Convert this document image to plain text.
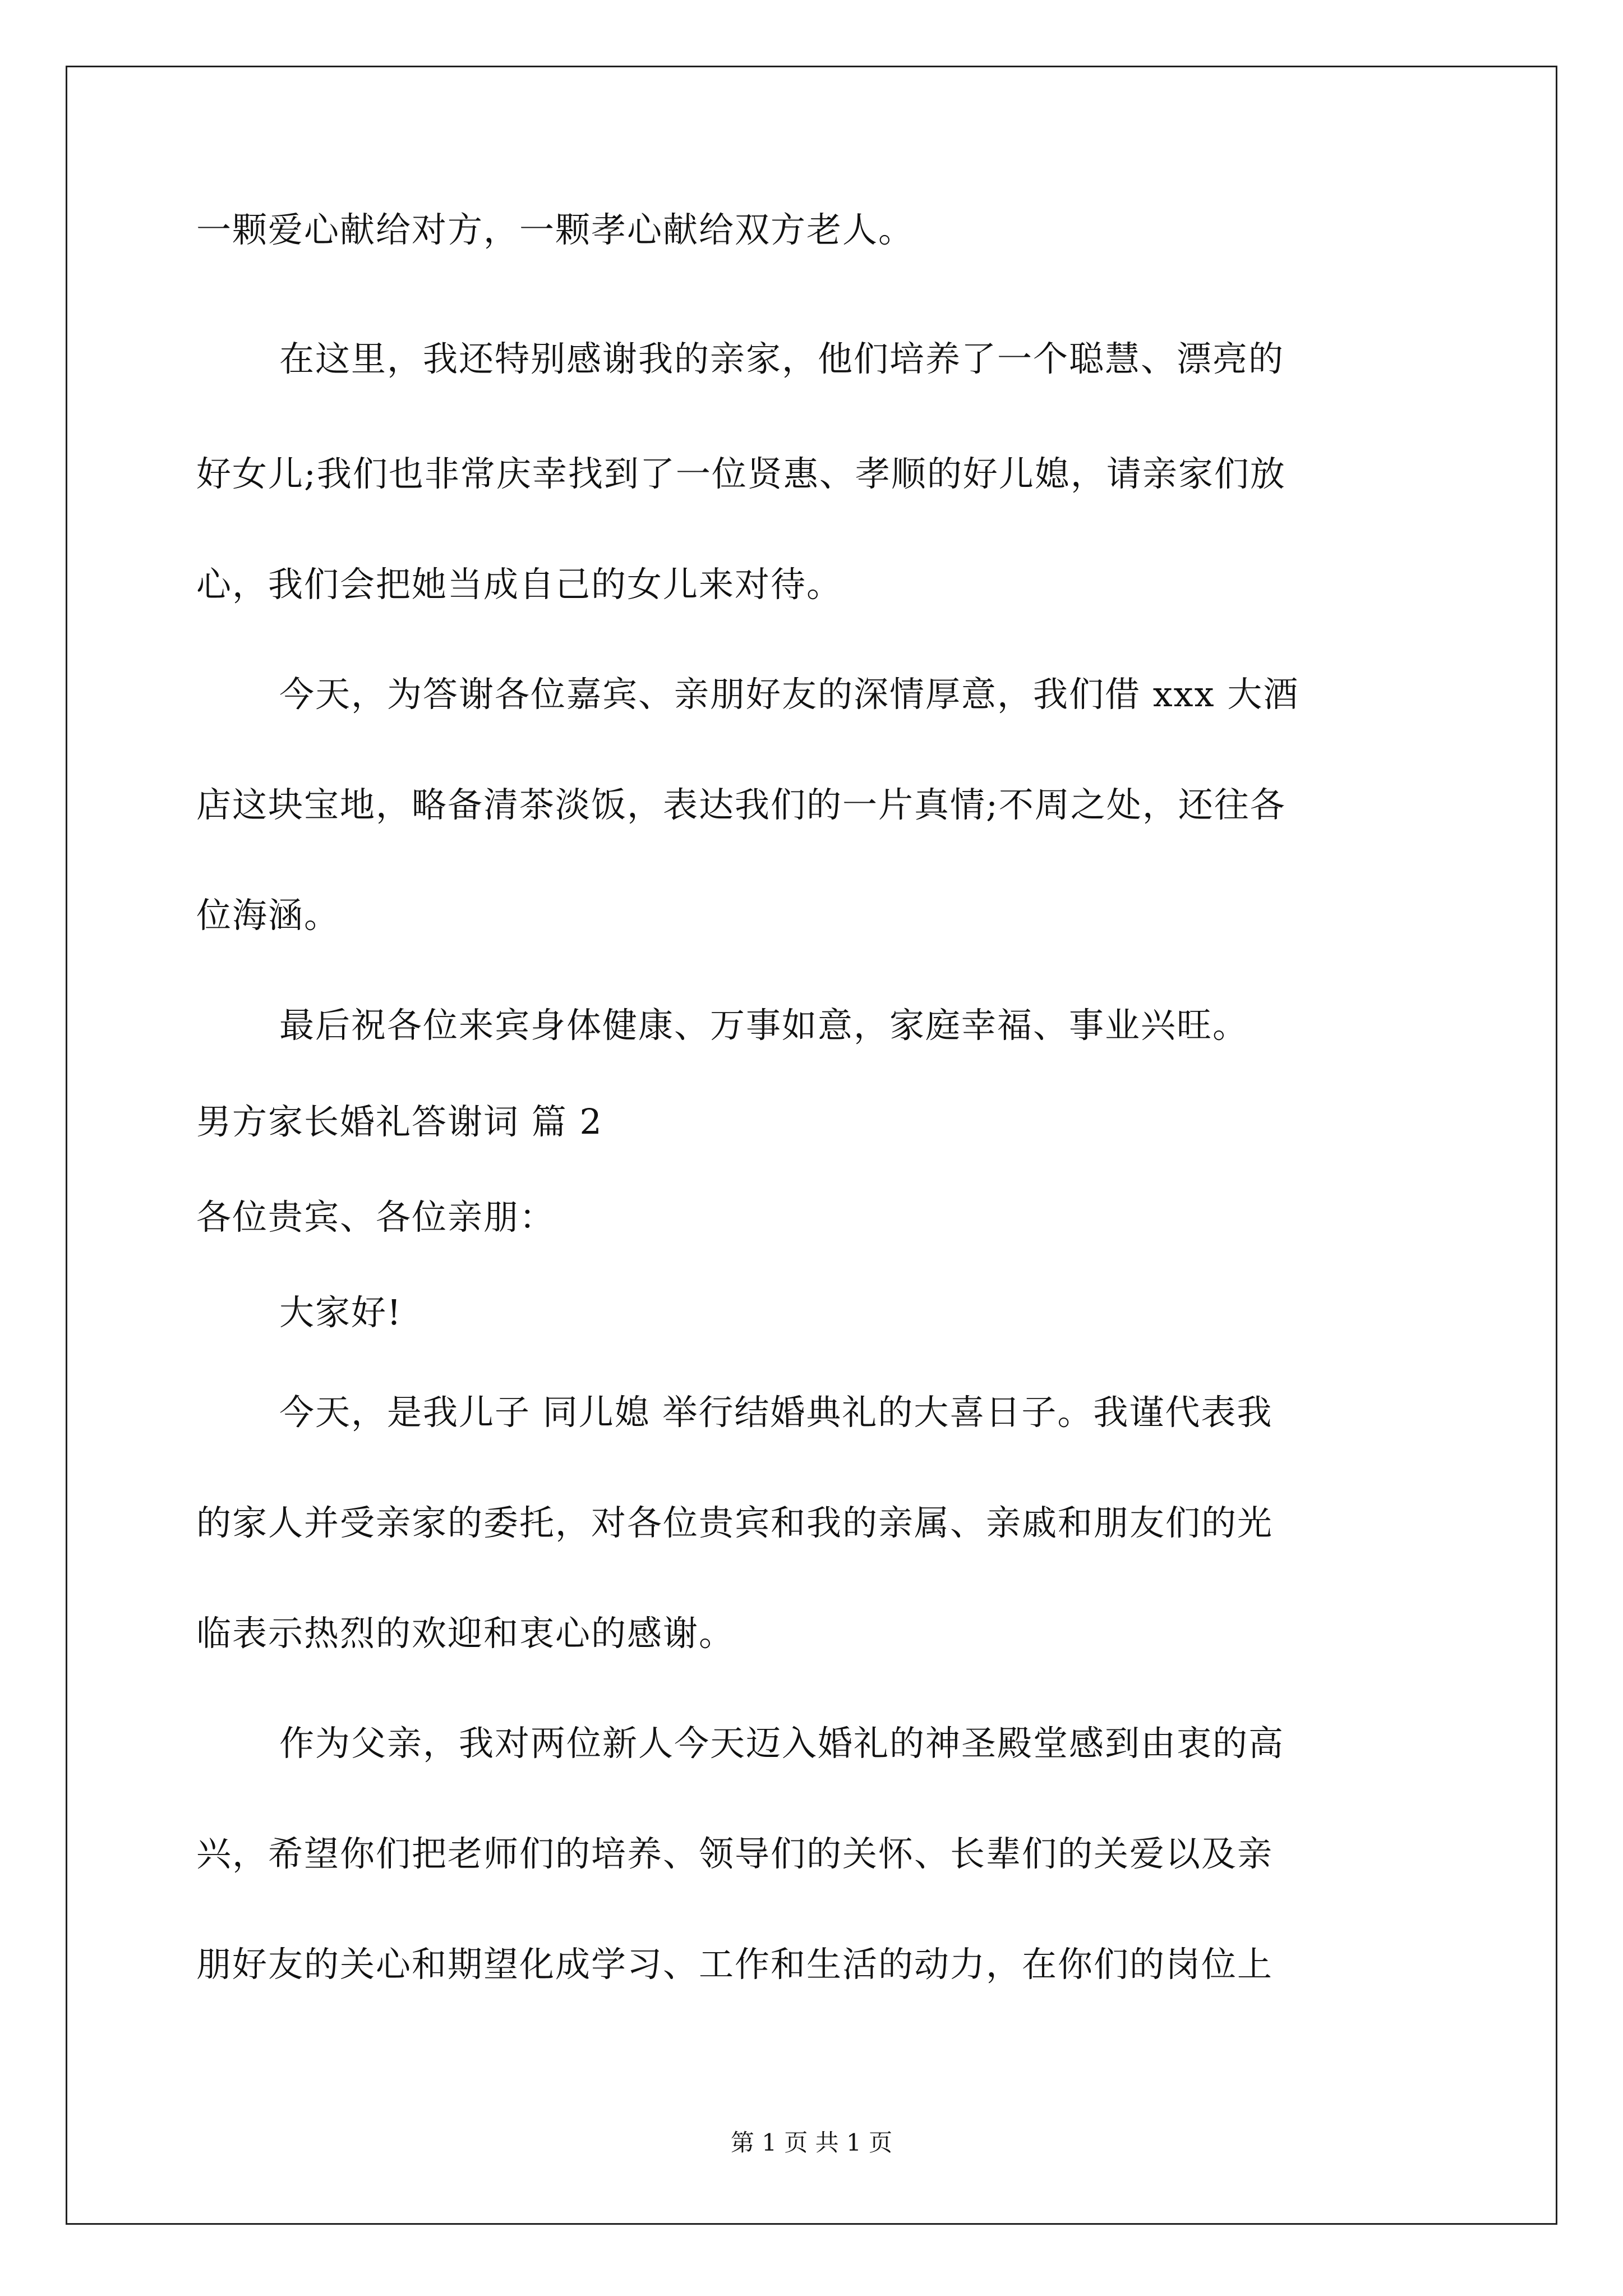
一颗爱心献给对方，一颗孝心献给双方老人。
在这里，我还特别感谢我的亲家，他们培养了一个聪慧、漂亮的
好女儿;我们也非常庆幸找到了一位贤惠、孝顺的好儿媳，请亲家们放
心，我们会把她当成自己的女儿来对待。
今天，为答谢各位嘉宾、亲朋好友的深情厚意，我们借 xxx 大酒
店这块宝地，略备清茶淡饭，表达我们的一片真情;不周之处，还往各
位海涵。
最后祝各位来宾身体健康、万事如意，家庭幸福、事业兴旺。
男方家长婚礼答谢词 篇 2
各位贵宾、各位亲朋：
大家好!
今天，是我儿子 同儿媳 举行结婚典礼的大喜日子。我谨代表我
的家人并受亲家的委托，对各位贵宾和我的亲属、亲戚和朋友们的光
临表示热烈的欢迎和衷心的感谢。
作为父亲，我对两位新人今天迈入婚礼的神圣殿堂感到由衷的高
兴，希望你们把老师们的培养、领导们的关怀、长辈们的关爱以及亲
朋好友的关心和期望化成学习、工作和生活的动力，在你们的岗位上
第 1 页 共 1 页
